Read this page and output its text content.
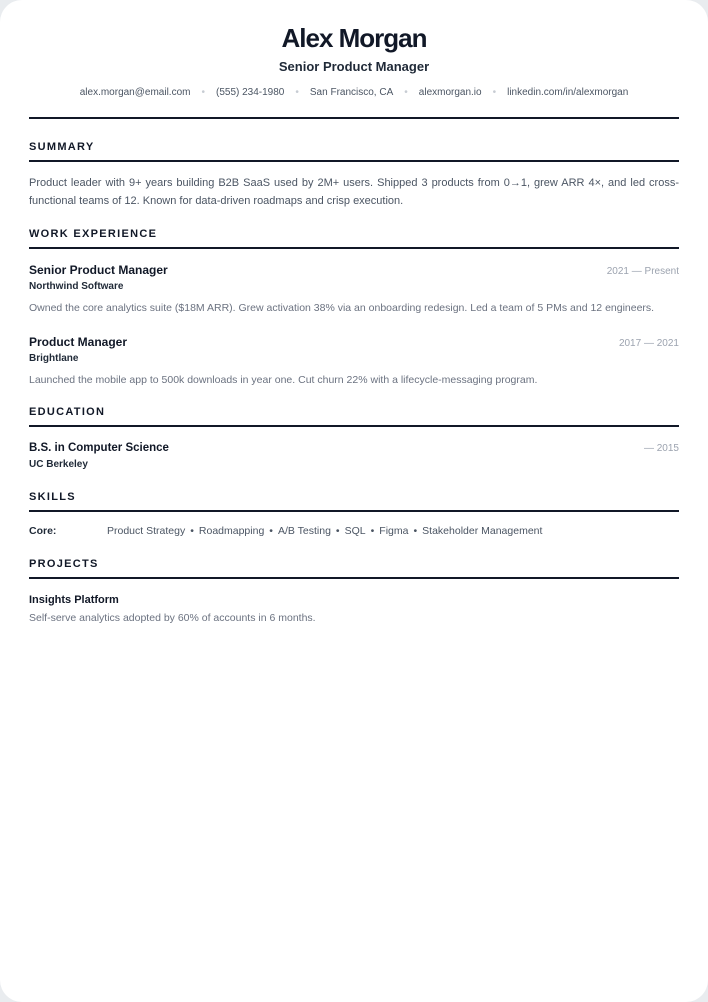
Alex Morgan
Senior Product Manager
alex.morgan@email.com • (555) 234-1980 • San Francisco, CA • alexmorgan.io • linkedin.com/in/alexmorgan
SUMMARY
Product leader with 9+ years building B2B SaaS used by 2M+ users. Shipped 3 products from 0→1, grew ARR 4×, and led cross-functional teams of 12. Known for data-driven roadmaps and crisp execution.
WORK EXPERIENCE
Senior Product Manager	2021 — Present
Northwind Software
Owned the core analytics suite ($18M ARR). Grew activation 38% via an onboarding redesign. Led a team of 5 PMs and 12 engineers.
Product Manager	2017 — 2021
Brightlane
Launched the mobile app to 500k downloads in year one. Cut churn 22% with a lifecycle-messaging program.
EDUCATION
B.S. in Computer Science	— 2015
UC Berkeley
SKILLS
Core:	Product Strategy • Roadmapping • A/B Testing • SQL • Figma • Stakeholder Management
PROJECTS
Insights Platform
Self-serve analytics adopted by 60% of accounts in 6 months.
